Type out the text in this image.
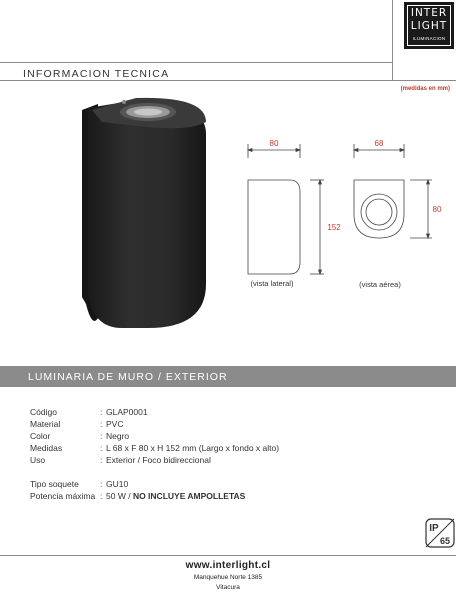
INTER
LIGHT
ILUMINACION
INFORMACION TECNICA
(medidas en mm)
80
152
68
80
(vista lateral)	(vista aérea)
LUMINARIA DE MURO / EXTERIOR
Código	: GLAP0001
Material	: PVC
Color	: Negro
Medidas	: L 68 x F 80 x H 152 mm (Largo x fondo x alto)
Uso	: Exterior / Foco bidireccional
Tipo soquete : GU10
Potencia máxima : 50 W / NO INCLUYE AMPOLLETAS
IP
65
www.interlight.cl
Manquehue Norte 1385
Vitacura
